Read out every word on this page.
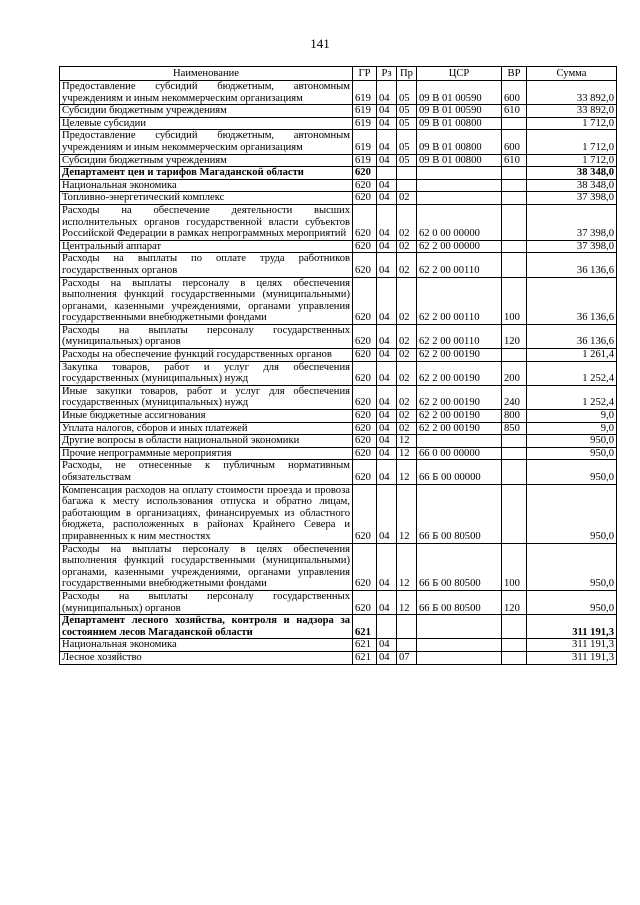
141
Наименование	ГР	Рз	Пр	ЦСР	ВР	Сумма
Предоставление субсидий бюджетным, автономным учреждениям и иным некоммерческим организациям	619	04	05	09 В 01 00590	600	33 892,0
Субсидии бюджетным учреждениям	619	04	05	09 В 01 00590	610	33 892,0
Целевые субсидии	619	04	05	09 В 01 00800		1 712,0
Предоставление субсидий бюджетным, автономным учреждениям и иным некоммерческим организациям	619	04	05	09 В 01 00800	600	1 712,0
Субсидии бюджетным учреждениям	619	04	05	09 В 01 00800	610	1 712,0
Департамент цен и тарифов Магаданской области	620					38 348,0
Национальная экономика	620	04				38 348,0
Топливно-энергетический комплекс	620	04	02			37 398,0
Расходы на обеспечение деятельности высших исполнительных органов государственной власти субъектов Российской Федерации в рамках непрограммных мероприятий	620	04	02	62 0 00 00000		37 398,0
Центральный аппарат	620	04	02	62 2 00 00000		37 398,0
Расходы на выплаты по оплате труда работников государственных органов	620	04	02	62 2 00 00110		36 136,6
Расходы на выплаты персоналу в целях обеспечения выполнения функций государственными (муниципальными) органами, казенными учреждениями, органами управления государственными внебюджетными фондами	620	04	02	62 2 00 00110	100	36 136,6
Расходы на выплаты персоналу государственных (муниципальных) органов	620	04	02	62 2 00 00110	120	36 136,6
Расходы на обеспечение функций государственных органов	620	04	02	62 2 00 00190		1 261,4
Закупка товаров, работ и услуг для обеспечения государственных (муниципальных) нужд	620	04	02	62 2 00 00190	200	1 252,4
Иные закупки товаров, работ и услуг для обеспечения государственных (муниципальных) нужд	620	04	02	62 2 00 00190	240	1 252,4
Иные бюджетные ассигнования	620	04	02	62 2 00 00190	800	9,0
Уплата налогов, сборов и иных платежей	620	04	02	62 2 00 00190	850	9,0
Другие вопросы в области национальной экономики	620	04	12			950,0
Прочие непрограммные мероприятия	620	04	12	66 0 00 00000		950,0
Расходы, не отнесенные к публичным нормативным обязательствам	620	04	12	66 Б 00 00000		950,0
Компенсация расходов на оплату стоимости проезда и провоза багажа к месту использования отпуска и обратно лицам, работающим в организациях, финансируемых из областного бюджета, расположенных в районах Крайнего Севера и приравненных к ним местностях	620	04	12	66 Б 00 80500		950,0
Расходы на выплаты персоналу в целях обеспечения выполнения функций государственными (муниципальными) органами, казенными учреждениями, органами управления государственными внебюджетными фондами	620	04	12	66 Б 00 80500	100	950,0
Расходы на выплаты персоналу государственных (муниципальных) органов	620	04	12	66 Б 00 80500	120	950,0
Департамент лесного хозяйства, контроля и надзора за состоянием лесов Магаданской области	621					311 191,3
Национальная экономика	621	04				311 191,3
Лесное хозяйство	621	04	07			311 191,3
